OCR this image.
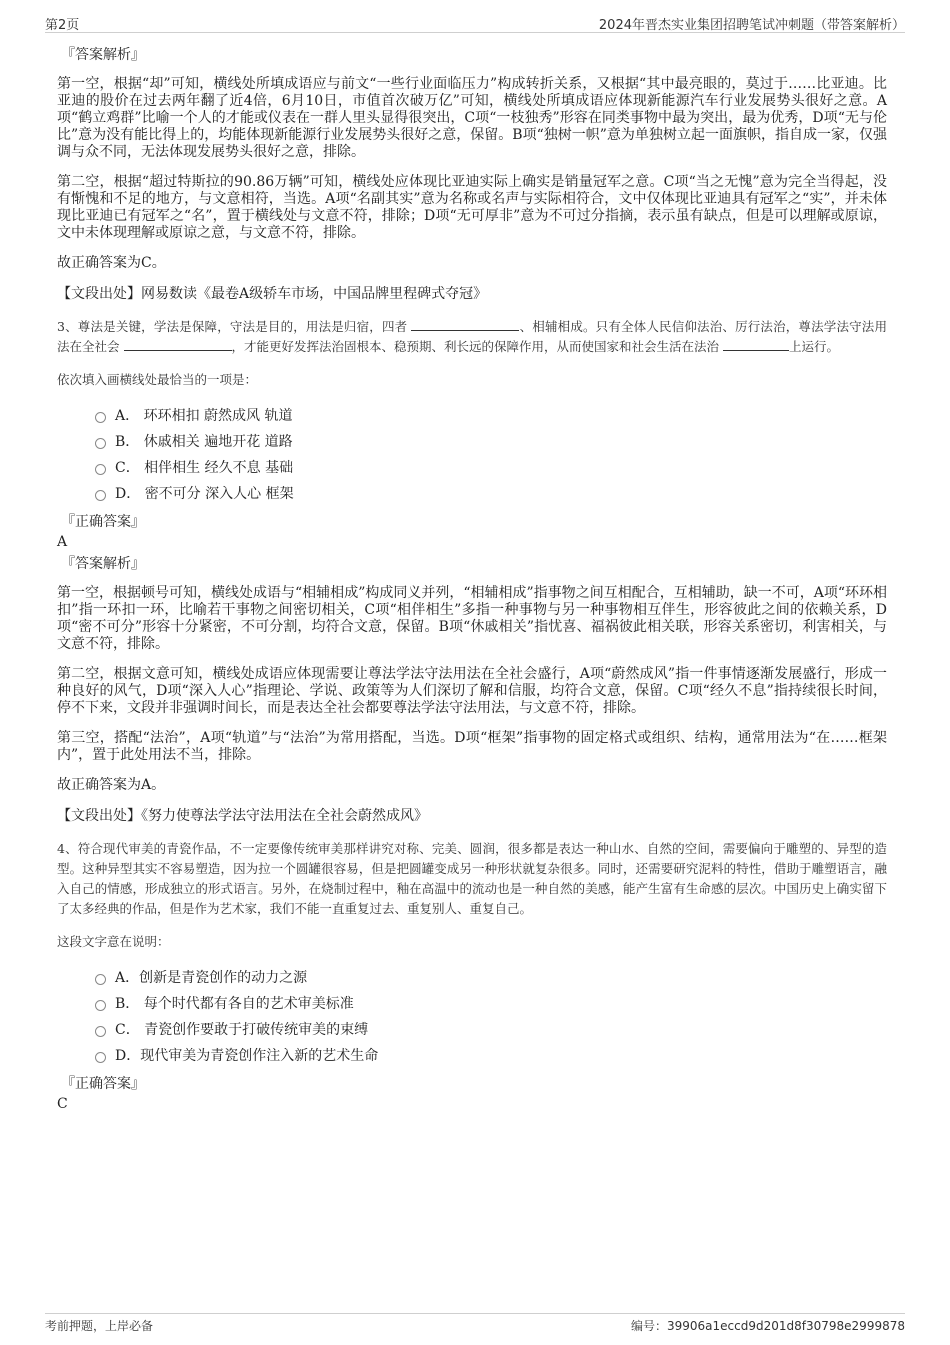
第2页	2024年晋杰实业集团招聘笔试冲刺题（带答案解析）
『答案解析』

第一空，根据“却”可知，横线处所填成语应与前文“一些行业面临压力”构成转折关系，又根据“其中最亮眼的，莫过于……比亚迪。比亚迪的股价在过去两年翻了近4倍，6月10日，市值首次破万亿”可知，横线处所填成语应体现新能源汽车行业发展势头很好之意。A项“鹤立鸡群”比喻一个人的才能或仪表在一群人里头显得很突出，C项“一枝独秀”形容在同类事物中最为突出，最为优秀，D项“无与伦比”意为没有能比得上的，均能体现新能源行业发展势头很好之意，保留。B项“独树一帜”意为单独树立起一面旗帜，指自成一家，仅强调与众不同，无法体现发展势头很好之意，排除。

第二空，根据“超过特斯拉的90.86万辆”可知，横线处应体现比亚迪实际上确实是销量冠军之意。C项“当之无愧”意为完全当得起，没有惭愧和不足的地方，与文意相符，当选。A项“名副其实”意为名称或名声与实际相符合，文中仅体现比亚迪具有冠军之“实”，并未体现比亚迪已有冠军之“名”，置于横线处与文意不符，排除；D项“无可厚非”意为不可过分指摘，表示虽有缺点，但是可以理解或原谅，文中未体现理解或原谅之意，与文意不符，排除。

故正确答案为C。

【文段出处】网易数读《最卷A级轿车市场，中国品牌里程碑式夺冠》

3、尊法是关键，学法是保障，守法是目的，用法是归宿，四者	、相辅相成。只有全体人民信仰法治、厉行法治，尊法学法守法用法在全社会	，才能更好发挥法治固根本、稳预期、利长远的保障作用，从而使国家和社会生活在法治	上运行。

依次填入画横线处最恰当的一项是：

A． 环环相扣 蔚然成风 轨道
B． 休戚相关 遍地开花 道路
C． 相伴相生 经久不息 基础
D． 密不可分 深入人心 框架
『正确答案』
A
『答案解析』

第一空，根据顿号可知，横线处成语与“相辅相成”构成同义并列，“相辅相成”指事物之间互相配合，互相辅助，缺一不可，A项“环环相扣”指一环扣一环，比喻若干事物之间密切相关，C项“相伴相生”多指一种事物与另一种事物相互伴生，形容彼此之间的依赖关系，D项“密不可分”形容十分紧密，不可分割，均符合文意，保留。B项“休戚相关”指忧喜、福祸彼此相关联，形容关系密切，利害相关，与文意不符，排除。

第二空，根据文意可知，横线处成语应体现需要让尊法学法守法用法在全社会盛行，A项“蔚然成风”指一件事情逐渐发展盛行，形成一种良好的风气，D项“深入人心”指理论、学说、政策等为人们深切了解和信服，均符合文意，保留。C项“经久不息”指持续很长时间，停不下来，文段并非强调时间长，而是表达全社会都要尊法学法守法用法，与文意不符，排除。

第三空，搭配“法治”，A项“轨道”与“法治”为常用搭配，当选。D项“框架”指事物的固定格式或组织、结构，通常用法为“在……框架内”，置于此处用法不当，排除。

故正确答案为A。

【文段出处】《努力使尊法学法守法用法在全社会蔚然成风》

4、符合现代审美的青瓷作品，不一定要像传统审美那样讲究对称、完美、圆润，很多都是表达一种山水、自然的空间，需要偏向于雕塑的、异型的造型。这种异型其实不容易塑造，因为拉一个圆罐很容易，但是把圆罐变成另一种形状就复杂很多。同时，还需要研究泥料的特性，借助于雕塑语言，融入自己的情感，形成独立的形式语言。另外，在烧制过程中，釉在高温中的流动也是一种自然的美感，能产生富有生命感的层次。中国历史上确实留下了太多经典的作品，但是作为艺术家，我们不能一直重复过去、重复别人、重复自己。

这段文字意在说明：

A．创新是青瓷创作的动力之源
B． 每个时代都有各自的艺术审美标准
C． 青瓷创作要敢于打破传统审美的束缚
D．现代审美为青瓷创作注入新的艺术生命
『正确答案』
C
考前押题，上岸必备	编号：39906a1eccd9d201d8f30798e2999878
